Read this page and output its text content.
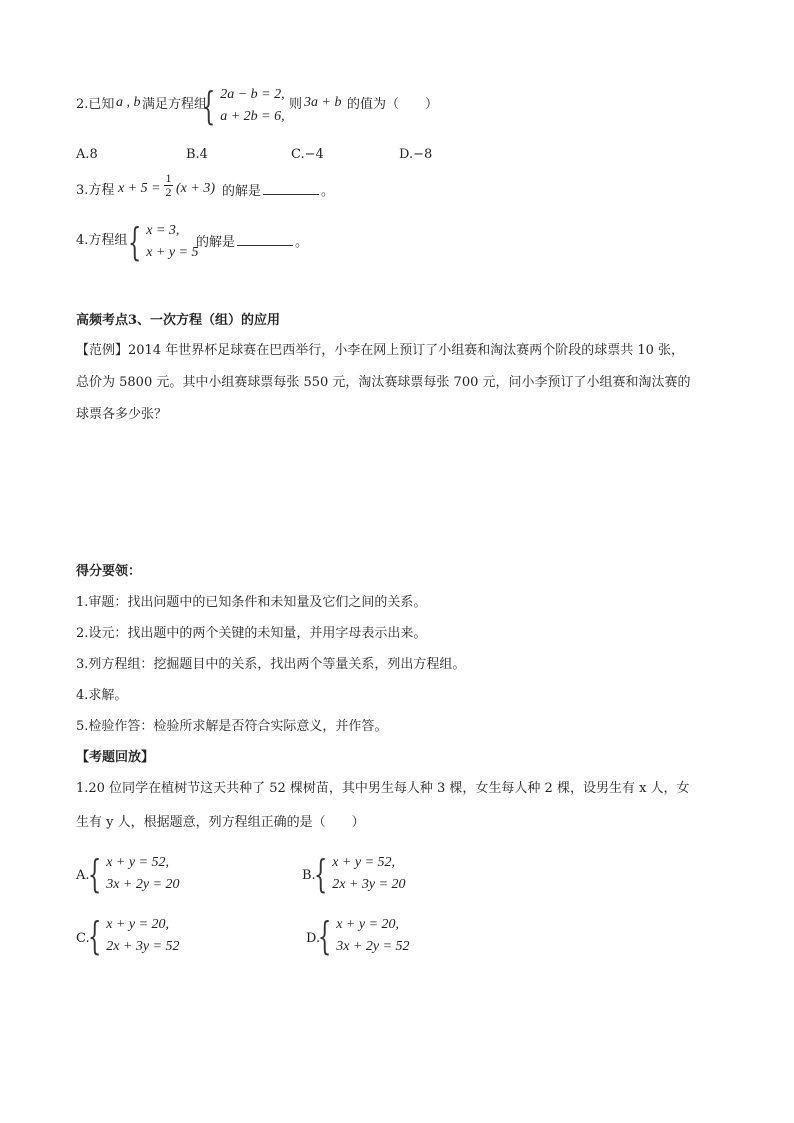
2.已知 a , b 满足方程组
{ 2a − b = 2,
a + 2b = 6,
则 3a + b 的值为（　　）
A.8	B.4	C.−4	D.−8
3.方程 $x + 5 = \frac{1}{2} (x + 3)$ 的解是	。
4.方程组 { x = 3,
x + y = 5
的解是	。
高频考点3、一次方程（组）的应用
【范例】2014 年世界杯足球赛在巴西举行，小李在网上预订了小组赛和淘汰赛两个阶段的球票共 10 张，
总价为 5800 元。其中小组赛球票每张 550 元，淘汰赛球票每张 700 元，问小李预订了小组赛和淘汰赛的
球票各多少张？
得分要领：
1.审题：找出问题中的已知条件和未知量及它们之间的关系。
2.设元：找出题中的两个关键的未知量，并用字母表示出来。
3.列方程组：挖掘题目中的关系，找出两个等量关系，列出方程组。
4.求解。
5.检验作答：检验所求解是否符合实际意义，并作答。
【考题回放】
1.20 位同学在植树节这天共种了 52 棵树苗，其中男生每人种 3 棵，女生每人种 2 棵，设男生有 x 人，女
生有 y 人，根据题意，列方程组正确的是（　　）
A.
{ x + y = 52,
3x + 2y = 20
B.
{ x + y = 52,
2x + 3y = 20
C.
{ x + y = 20,
2x + 3y = 52
D.
{ x + y = 20,
3x + 2y = 52
